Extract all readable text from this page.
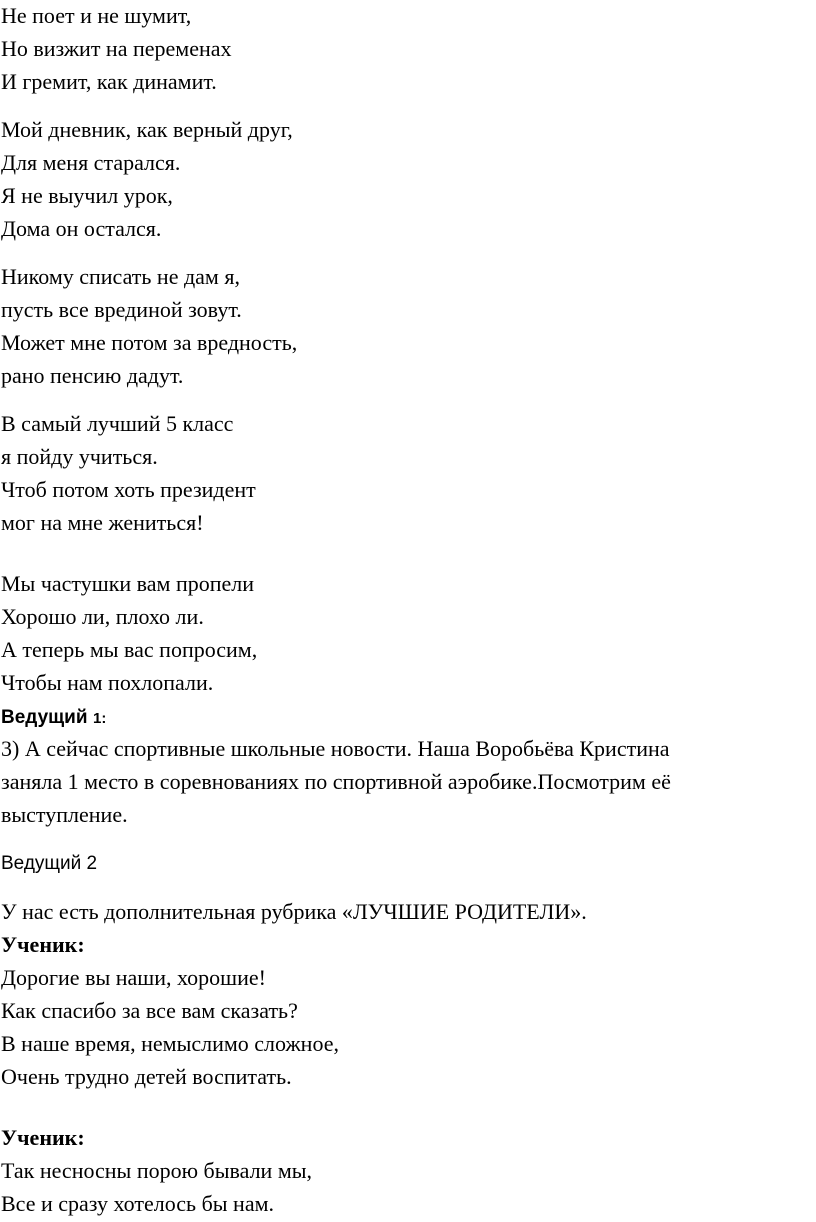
Не поет и не шумит,

Но визжит на переменах

И гремит, как динамит.

Мой дневник, как верный друг,

Для меня старался.

Я не выучил урок,

Дома он остался.

Никому списать не дам я,

пусть все врединой зовут.

Может мне потом за вредность,

рано пенсию дадут.

В самый лучший 5 класс

я пойду учиться.

Чтоб потом хоть президент

мог на мне жениться!

Мы частушки вам пропели

Хорошо ли, плохо ли.

А теперь мы вас попросим,

Чтобы нам похлопали.

Ведущий 1:

3) А сейчас спортивные школьные новости. Наша Воробьёва Кристина

заняла 1 место в соревнованиях по спортивной аэробике.Посмотрим её

выступление.

Ведущий 2

У нас есть дополнительная рубрика «ЛУЧШИЕ РОДИТЕЛИ».

Ученик:

Дорогие вы наши, хорошие!

Как спасибо за все вам сказать?

В наше время, немыслимо сложное,

Очень трудно детей воспитать.

Ученик:

Так несносны порою бывали мы,

Все и сразу хотелось бы нам.
